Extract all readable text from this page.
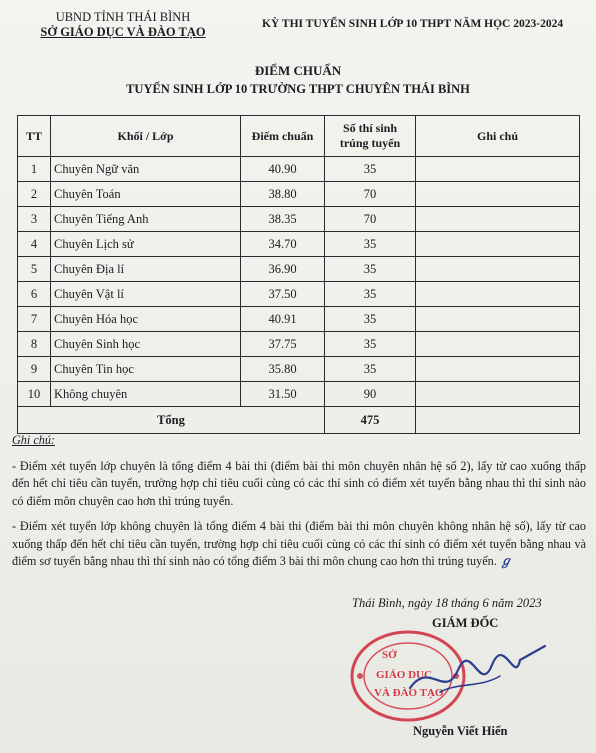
UBND TỈNH THÁI BÌNH
SỞ GIÁO DỤC VÀ ĐÀO TẠO
KỲ THI TUYỂN SINH LỚP 10 THPT NĂM HỌC 2023-2024
ĐIỂM CHUẨN
TUYỂN SINH LỚP 10 TRƯỜNG THPT CHUYÊN THÁI BÌNH
TT	Khối / Lớp	Điểm chuẩn	Số thí sinh trúng tuyển	Ghi chú
1	Chuyên Ngữ văn	40.90	35	
2	Chuyên Toán	38.80	70	
3	Chuyên Tiếng Anh	38.35	70	
4	Chuyên Lịch sử	34.70	35	
5	Chuyên Địa lí	36.90	35	
6	Chuyên Vật lí	37.50	35	
7	Chuyên Hóa học	40.91	35	
8	Chuyên Sinh học	37.75	35	
9	Chuyên Tin học	35.80	35	
10	Không chuyên	31.50	90	
Tổng			475	
Ghi chú:

- Điểm xét tuyển lớp chuyên là tổng điểm 4 bài thi (điểm bài thi môn chuyên nhân hệ số 2), lấy từ cao xuống thấp đến hết chỉ tiêu cần tuyển, trường hợp chỉ tiêu cuối cùng có các thí sinh có điểm xét tuyển bằng nhau thì thí sinh nào có điểm môn chuyên cao hơn thì trúng tuyển.

- Điểm xét tuyển lớp không chuyên là tổng điểm 4 bài thi (điểm bài thi môn chuyên không nhân hệ số), lấy từ cao xuống thấp đến hết chỉ tiêu cần tuyển, trường hợp chỉ tiêu cuối cùng có các thí sinh có điểm xét tuyển bằng nhau và điểm sơ tuyển bằng nhau thì thí sinh nào có tổng điểm 3 bài thi môn chung cao hơn thì trúng tuyển. ℊ

Thái Bình, ngày 18 tháng 6 năm 2023
GIÁM ĐỐC
SỞ
GIÁO DỤC
VÀ ĐÀO TẠO
Nguyễn Viết Hiển
